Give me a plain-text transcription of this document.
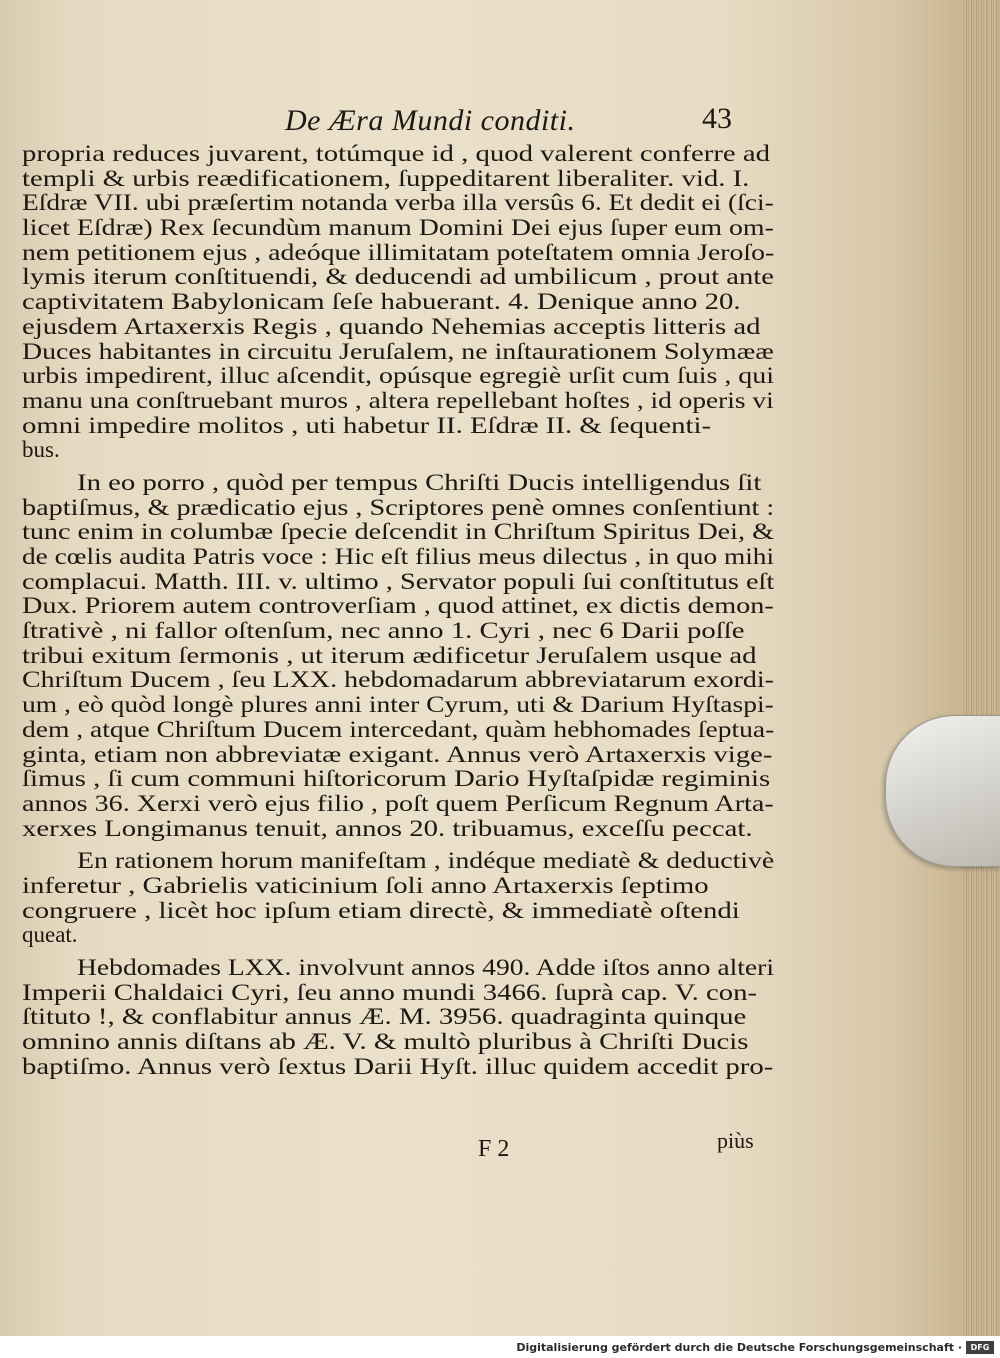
De Æra Mundi conditi.	43
propria reduces juvarent, totúmque id , quod valerent conferre ad
templi & urbis reædificationem, ſuppeditarent liberaliter. vid. I.
Eſdræ VII. ubi præſertim notanda verba illa versûs 6. Et dedit ei (ſci-
licet Eſdræ) Rex ſecundùm manum Domini Dei ejus ſuper eum om-
nem petitionem ejus , adeóque illimitatam poteſtatem omnia Jeroſo-
lymis iterum conſtituendi, & deducendi ad umbilicum , prout ante
captivitatem Babylonicam ſeſe habuerant. 4. Denique anno 20.
ejusdem Artaxerxis Regis , quando Nehemias acceptis litteris ad
Duces habitantes in circuitu Jeruſalem, ne inſtaurationem Solymææ
urbis impedirent, illuc aſcendit, opúsque egregiè urſit cum ſuis , qui
manu una conſtruebant muros , altera repellebant hoſtes , id operis vi
omni impedire molitos , uti habetur II. Eſdræ II. & ſequenti-
bus.
In eo porro , quòd per tempus Chriſti Ducis intelligendus ſit
baptiſmus, & prædicatio ejus , Scriptores penè omnes conſentiunt :
tunc enim in columbæ ſpecie deſcendit in Chriſtum Spiritus Dei, &
de cœlis audita Patris voce : Hic eſt filius meus dilectus , in quo mihi
complacui. Matth. III. v. ultimo , Servator populi ſui conſtitutus eſt
Dux. Priorem autem controverſiam , quod attinet, ex dictis demon-
ſtrativè , ni fallor oſtenſum, nec anno 1. Cyri , nec 6 Darii poſſe
tribui exitum ſermonis , ut iterum ædificetur Jeruſalem usque ad
Chriſtum Ducem , ſeu LXX. hebdomadarum abbreviatarum exordi-
um , eò quòd longè plures anni inter Cyrum, uti & Darium Hyſtaspi-
dem , atque Chriſtum Ducem intercedant, quàm hebhomades ſeptua-
ginta, etiam non abbreviatæ exigant. Annus verò Artaxerxis vige-
ſimus , ſi cum communi hiſtoricorum Dario Hyſtaſpidæ regiminis
annos 36. Xerxi verò ejus filio , poſt quem Perſicum Regnum Arta-
xerxes Longimanus tenuit, annos 20. tribuamus, exceſſu peccat.
En rationem horum manifeſtam , indéque mediatè & deductivè
inferetur , Gabrielis vaticinium ſoli anno Artaxerxis ſeptimo
congruere , licèt hoc ipſum etiam directè, & immediatè oſtendi
queat.
Hebdomades LXX. involvunt annos 490. Adde iſtos anno alteri
Imperii Chaldaici Cyri, ſeu anno mundi 3466. ſuprà cap. V. con-
ſtituto !, & conflabitur annus Æ. M. 3956. quadraginta quinque
omnino annis diſtans ab Æ. V. & multò pluribus à Chriſti Ducis
baptiſmo. Annus verò ſextus Darii Hyſt. illuc quidem accedit pro-
F 2	piùs
Digitalisierung gefördert durch die Deutsche Forschungsgemeinschaft ·	DFG
